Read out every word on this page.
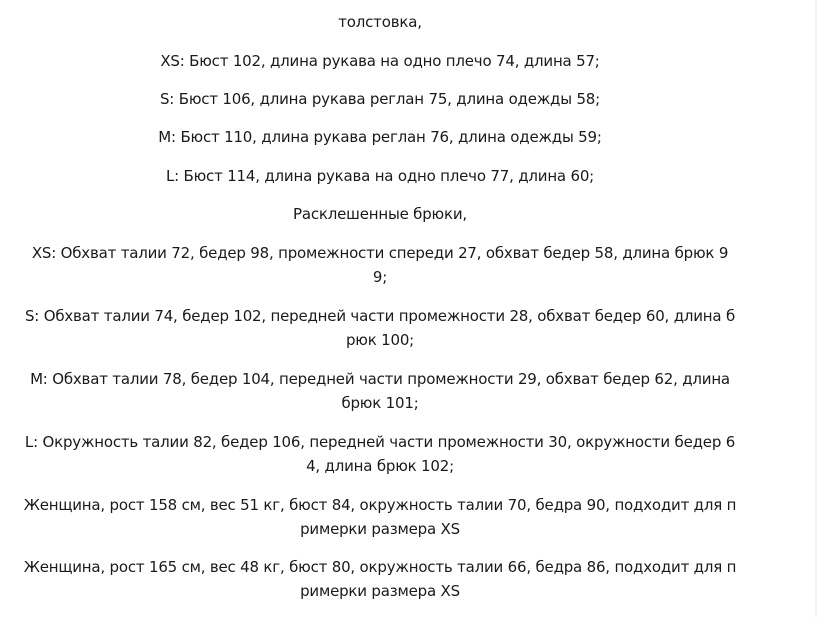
толстовка,
XS: Бюст 102, длина рукава на одно плечо 74, длина 57;
S: Бюст 106, длина рукава реглан 75, длина одежды 58;
M: Бюст 110, длина рукава реглан 76, длина одежды 59;
L: Бюст 114, длина рукава на одно плечо 77, длина 60;
Расклешенные брюки,
XS: Обхват талии 72, бедер 98, промежности спереди 27, обхват бедер 58, длина брюк 9
9;
S: Обхват талии 74, бедер 102, передней части промежности 28, обхват бедер 60, длина б
рюк 100;
M: Обхват талии 78, бедер 104, передней части промежности 29, обхват бедер 62, длина
брюк 101;
L: Окружность талии 82, бедер 106, передней части промежности 30, окружности бедер 6
4, длина брюк 102;
Женщина, рост 158 см, вес 51 кг, бюст 84, окружность талии 70, бедра 90, подходит для п
римерки размера XS
Женщина, рост 165 см, вес 48 кг, бюст 80, окружность талии 66, бедра 86, подходит для п
римерки размера XS
